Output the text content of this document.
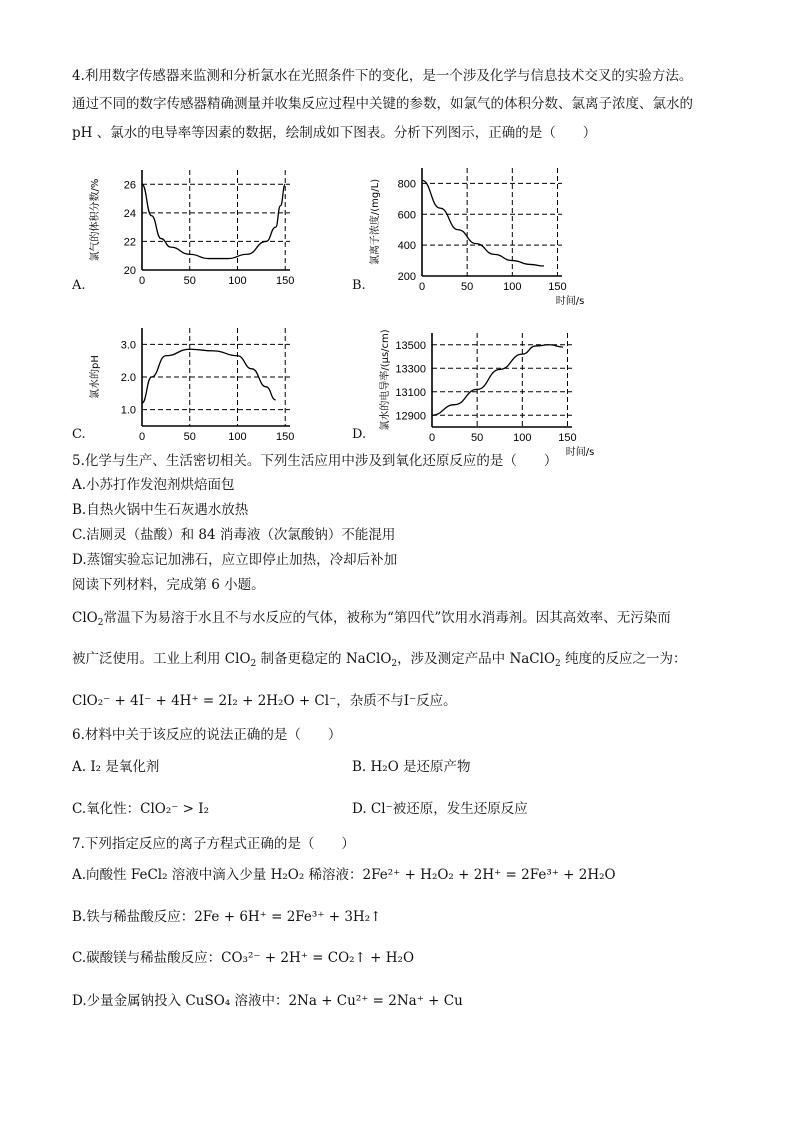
4.利用数字传感器来监测和分析氯水在光照条件下的变化，是一个涉及化学与信息技术交叉的实验方法。
通过不同的数字传感器精确测量并收集反应过程中关键的参数，如氯气的体积分数、氯离子浓度、氯水的
pH 、氯水的电导率等因素的数据，绘制成如下图表。分析下列图示，正确的是（　　）
A.	B.
C.	D.
0	50	100	150
20
22
24
26
氯气的体积分数/%
0	50	100 150
200
400
600
800
氯离子浓度/(mg/L)
时间/s
0	50	100	150
1.0
2.0
3.0
氯水的pH
0	50	100 150
12900
13100
13300
13500
氯水的电导率/(μs/cm)
时间/s
5.化学与生产、生活密切相关。下列生活应用中涉及到氧化还原反应的是（　　）
A.小苏打作发泡剂烘焙面包
B.自热火锅中生石灰遇水放热
C.洁厕灵（盐酸）和 84 消毒液（次氯酸钠）不能混用
D.蒸馏实验忘记加沸石，应立即停止加热，冷却后补加
阅读下列材料，完成第 6 小题。
ClO$_2$常温下为易溶于水且不与水反应的气体，被称为“第四代”饮用水消毒剂。因其高效率、无污染而
被广泛使用。工业上利用 ClO$_2$ 制备更稳定的 NaClO$_2$，涉及测定产品中 NaClO$_2$ 纯度的反应之一为：
ClO₂⁻ + 4I⁻ + 4H⁺ = 2I₂ + 2H₂O + Cl⁻，杂质不与I⁻反应。
6.材料中关于该反应的说法正确的是（　　）
A. I₂ 是氧化剂	B. H₂O 是还原产物
C.氧化性：ClO₂⁻ > I₂	D. Cl⁻被还原，发生还原反应
7.下列指定反应的离子方程式正确的是（　　）
A.向酸性 FeCl₂ 溶液中滴入少量 H₂O₂ 稀溶液：2Fe²⁺ + H₂O₂ + 2H⁺ = 2Fe³⁺ + 2H₂O
B.铁与稀盐酸反应：2Fe + 6H⁺ = 2Fe³⁺ + 3H₂↑
C.碳酸镁与稀盐酸反应：CO₃²⁻ + 2H⁺ = CO₂↑ + H₂O
D.少量金属钠投入 CuSO₄ 溶液中：2Na + Cu²⁺ = 2Na⁺ + Cu
